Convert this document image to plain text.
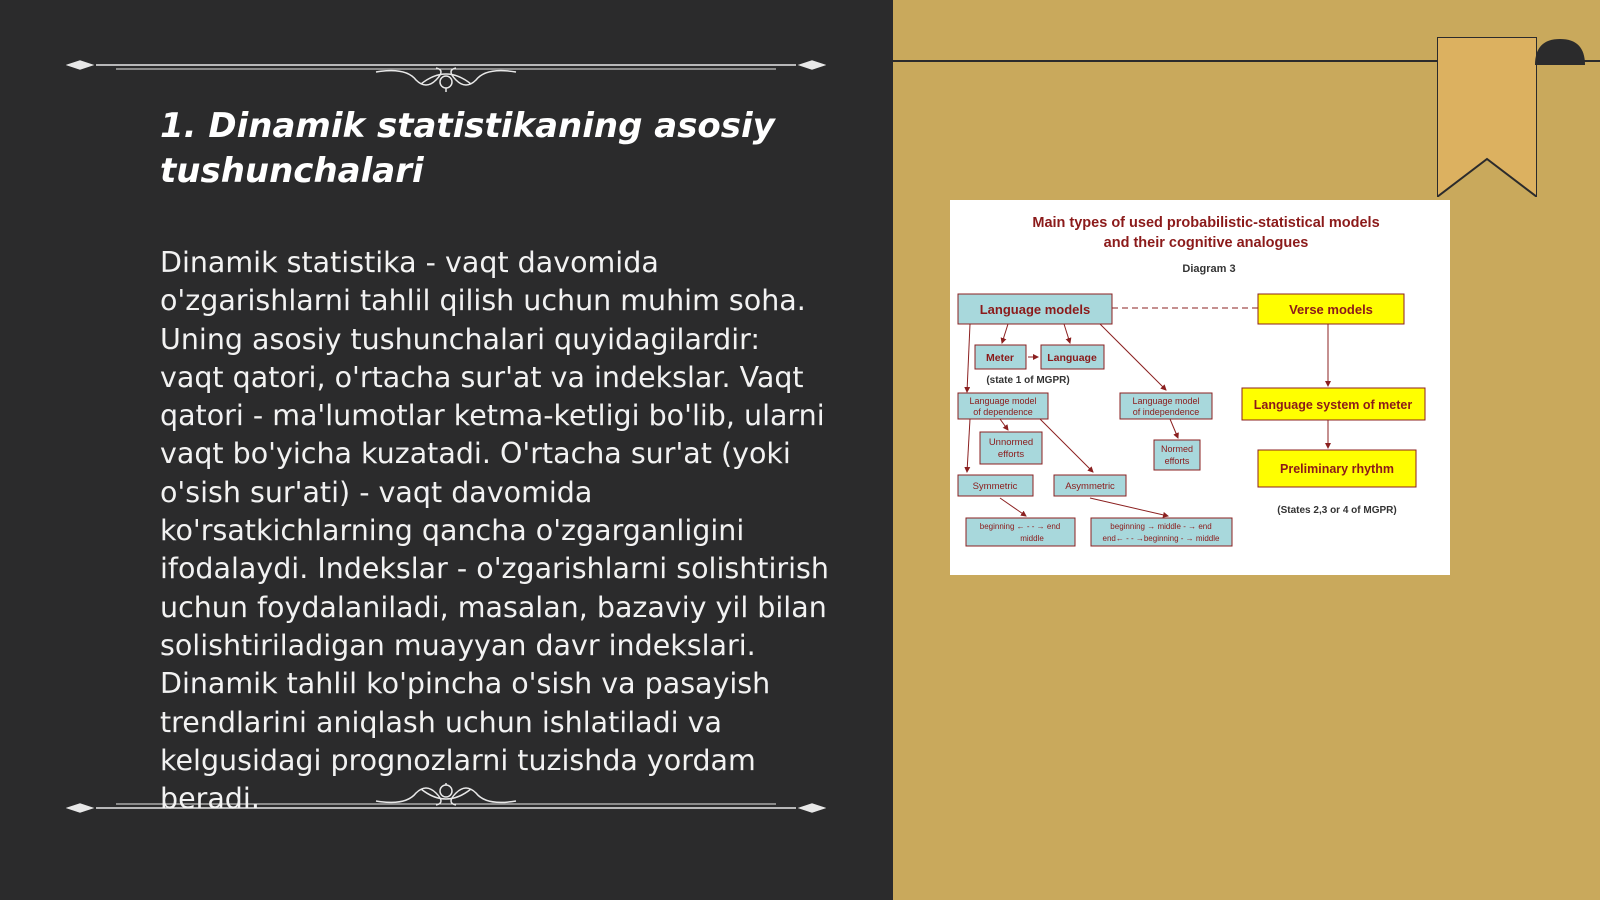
1. Dinamik statistikaning asosiy tushunchalari

Dinamik statistika - vaqt davomida o'zgarishlarni tahlil qilish uchun muhim soha. Uning asosiy tushunchalari quyidagilardir: vaqt qatori, o'rtacha sur'at va indekslar. Vaqt qatori - ma'lumotlar ketma-ketligi bo'lib, ularni vaqt bo'yicha kuzatadi. O'rtacha sur'at (yoki o'sish sur'ati) - vaqt davomida ko'rsatkichlarning qancha o'zgarganligini ifodalaydi. Indekslar - o'zgarishlarni solishtirish uchun foydalaniladi, masalan, bazaviy yil bilan solishtiriladigan muayyan davr indekslari. Dinamik tahlil ko'pincha o'sish va pasayish trendlarini aniqlash uchun ishlatiladi va kelgusidagi prognozlarni tuzishda yordam beradi.

Main types of used probabilistic-statistical models
and their cognitive analogues
Diagram 3
Language models	Verse models
Meter	Language
(state 1 of MGPR)
Language model
of dependence
Language model
of independence
Unnormed
efforts	Normed
efforts
Symmetric	Asymmetric
beginning ← - - → end
middle
beginning → middle - → end
end← - - →beginning - → middle
Language system of meter
Preliminary rhythm
(States 2,3 or 4 of MGPR)
